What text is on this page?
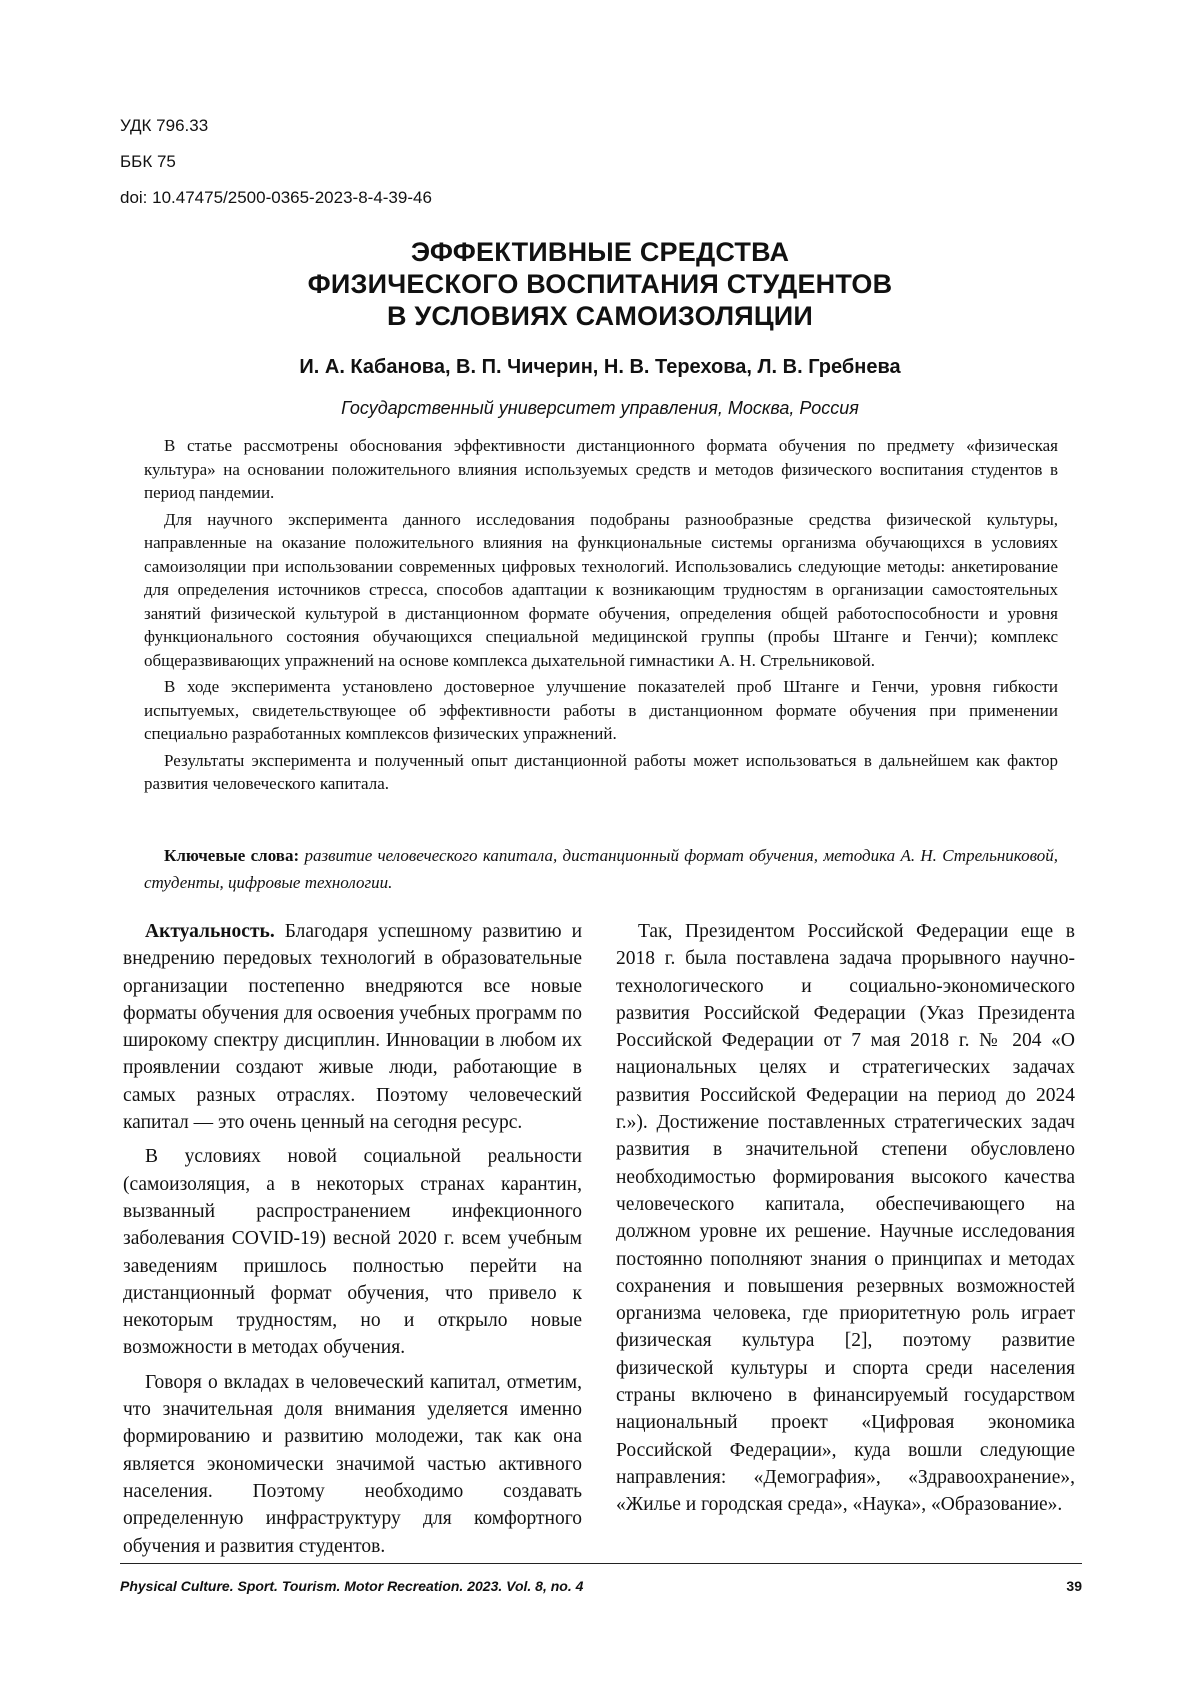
УДК 796.33
ББК 75
doi: 10.47475/2500-0365-2023-8-4-39-46
ЭФФЕКТИВНЫЕ СРЕДСТВА
ФИЗИЧЕСКОГО ВОСПИТАНИЯ СТУДЕНТОВ
В УСЛОВИЯХ САМОИЗОЛЯЦИИ
И. А. Кабанова, В. П. Чичерин, Н. В. Терехова, Л. В. Гребнева
Государственный университет управления, Москва, Россия

В статье рассмотрены обоснования эффективности дистанционного формата обучения по предмету «физическая культура» на основании положительного влияния используемых средств и методов физического воспитания студентов в период пандемии.

Для научного эксперимента данного исследования подобраны разнообразные средства физической культуры, направленные на оказание положительного влияния на функциональные системы организма обучающихся в условиях самоизоляции при использовании современных цифровых технологий. Использовались следующие методы: анкетирование для определения источников стресса, способов адаптации к возникающим трудностям в организации самостоятельных занятий физической культурой в дистанционном формате обучения, определения общей работоспособности и уровня функционального состояния обучающихся специальной медицинской группы (пробы Штанге и Генчи); комплекс общеразвивающих упражнений на основе комплекса дыхательной гимнастики А. Н. Стрельниковой.

В ходе эксперимента установлено достоверное улучшение показателей проб Штанге и Генчи, уровня гибкости испытуемых, свидетельствующее об эффективности работы в дистанционном формате обучения при применении специально разработанных комплексов физических упражнений.

Результаты эксперимента и полученный опыт дистанционной работы может использоваться в дальнейшем как фактор развития человеческого капитала.

Ключевые слова: развитие человеческого капитала, дистанционный формат обучения, методика А. Н. Стрельниковой, студенты, цифровые технологии.

Актуальность. Благодаря успешному развитию и внедрению передовых технологий в образовательные организации постепенно внедряются все новые форматы обучения для освоения учебных программ по широкому спектру дисциплин. Инновации в любом их проявлении создают живые люди, работающие в самых разных отраслях. Поэтому человеческий капитал — это очень ценный на сегодня ресурс.

В условиях новой социальной реальности (самоизоляция, а в некоторых странах карантин, вызванный распространением инфекционного заболевания COVID-19) весной 2020 г. всем учебным заведениям пришлось полностью перейти на дистанционный формат обучения, что привело к некоторым трудностям, но и открыло новые возможности в методах обучения.

Говоря о вкладах в человеческий капитал, отметим, что значительная доля внимания уделяется именно формированию и развитию молодежи, так как она является экономически значимой частью активного населения. Поэтому необходимо создавать определенную инфраструктуру для комфортного обучения и развития студентов.

Так, Президентом Российской Федерации еще в 2018 г. была поставлена задача прорывного научно-технологического и социально-экономического развития Российской Федерации (Указ Президента Российской Федерации от 7 мая 2018 г. № 204 «О национальных целях и стратегических задачах развития Российской Федерации на период до 2024 г.»). Достижение поставленных стратегических задач развития в значительной степени обусловлено необходимостью формирования высокого качества человеческого капитала, обеспечивающего на должном уровне их решение. Научные исследования постоянно пополняют знания о принципах и методах сохранения и повышения резервных возможностей организма человека, где приоритетную роль играет физическая культура [2], поэтому развитие физической культуры и спорта среди населения страны включено в финансируемый государством национальный проект «Цифровая экономика Российской Федерации», куда вошли следующие направления: «Демография», «Здравоохранение», «Жилье и городская среда», «Наука», «Образование».

Physical Culture. Sport. Tourism. Motor Recreation. 2023. Vol. 8, no. 4	39
